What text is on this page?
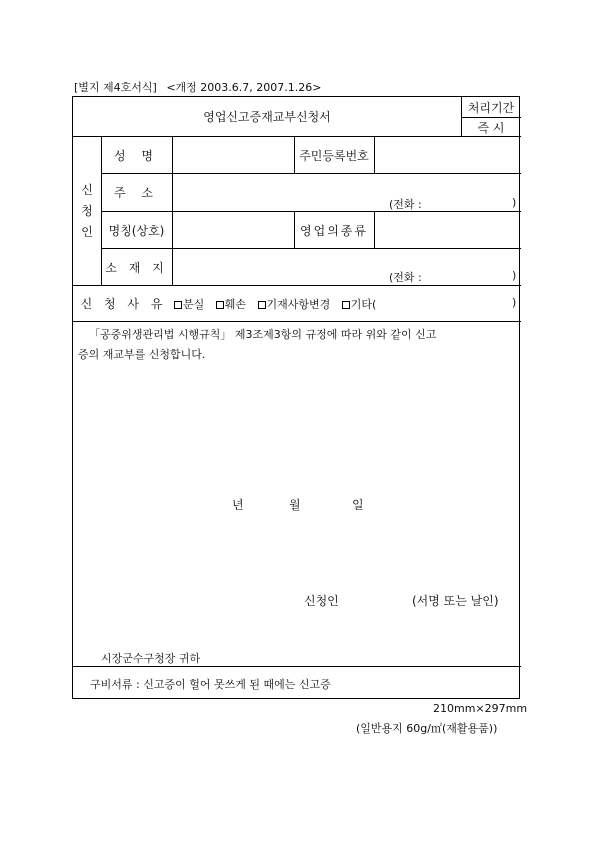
[별지 제4호서식] <개정 2003.6.7, 2007.1.26>
영업신고증재교부신청서
처리기간
즉 시
신
청
인
성 명	주민등록번호
주 소
(전화 :	)
명칭(상호)	영업의종류
소 재 지
(전화 :	)
신 청 사 유	분실 훼손 기재사항변경 기타(	)
「공중위생관리법 시행규칙」 제3조제3항의 규정에 따라 위와 같이 신고
증의 재교부를 신청합니다.
년	월	일
신청인	(서명 또는 날인)
시장군수구청장 귀하
구비서류 : 신고증이 헐어 못쓰게 된 때에는 신고증
210mm×297mm
(일반용지 60g/㎡(재활용품))
